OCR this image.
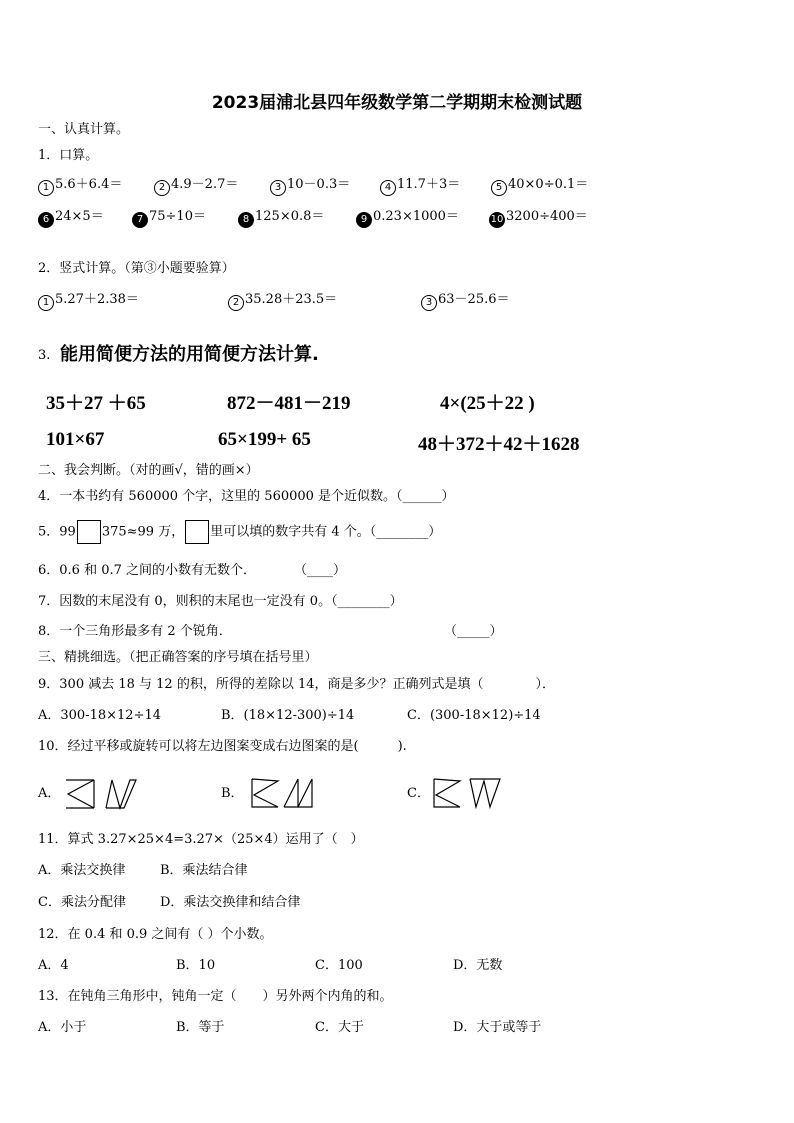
2023届浦北县四年级数学第二学期期末检测试题
一、认真计算。
1．口算。
1 5.6＋6.4＝	2 4.9－2.7＝	3 10－0.3＝	4 11.7＋3＝	5 40×0÷0.1＝
6 24×5＝	7 75÷10＝	8 125×0.8＝	9 0.23×1000＝	10 3200÷400＝
2．竖式计算。（第③小题要验算）
1 5.27＋2.38＝	2 35.28＋23.5＝	3 63－25.6＝
3. 能用简便方法的用简便方法计算.
35＋27 ＋65	872－481－219	4×(25＋22 )
101×67	65×199+ 65	48＋372＋42＋1628
二、我会判断。（对的画√，错的画×）
4．一本书约有 560000 个字，这里的 560000 是个近似数。（______）
5．99 375≈99 万， 里可以填的数字共有 4 个。（________）
6．0.6 和 0.7 之间的小数有无数个．	（____）
7．因数的末尾没有 0，则积的末尾也一定没有 0。（________）
8．一个三角形最多有 2 个锐角．	（_____）
三、精挑细选。（把正确答案的序号填在括号里）
9．300 减去 18 与 12 的积，所得的差除以 14，商是多少？正确列式是填（　　　　）．
A．300-18×12÷14	B．(18×12-300)÷14	C．(300-18×12)÷14
10．经过平移或旋转可以将左边图案变成右边图案的是(　　　).
A．	B．	C．
11．算式 3.27×25×4=3.27×（25×4）运用了（　）
A．乘法交换律	B．乘法结合律
C．乘法分配律	D．乘法交换律和结合律
12．在 0.4 和 0.9 之间有（ ）个小数。
A．4	B．10	C．100	D．无数
13．在钝角三角形中，钝角一定（　　）另外两个内角的和。
A．小于	B．等于	C．大于	D．大于或等于
